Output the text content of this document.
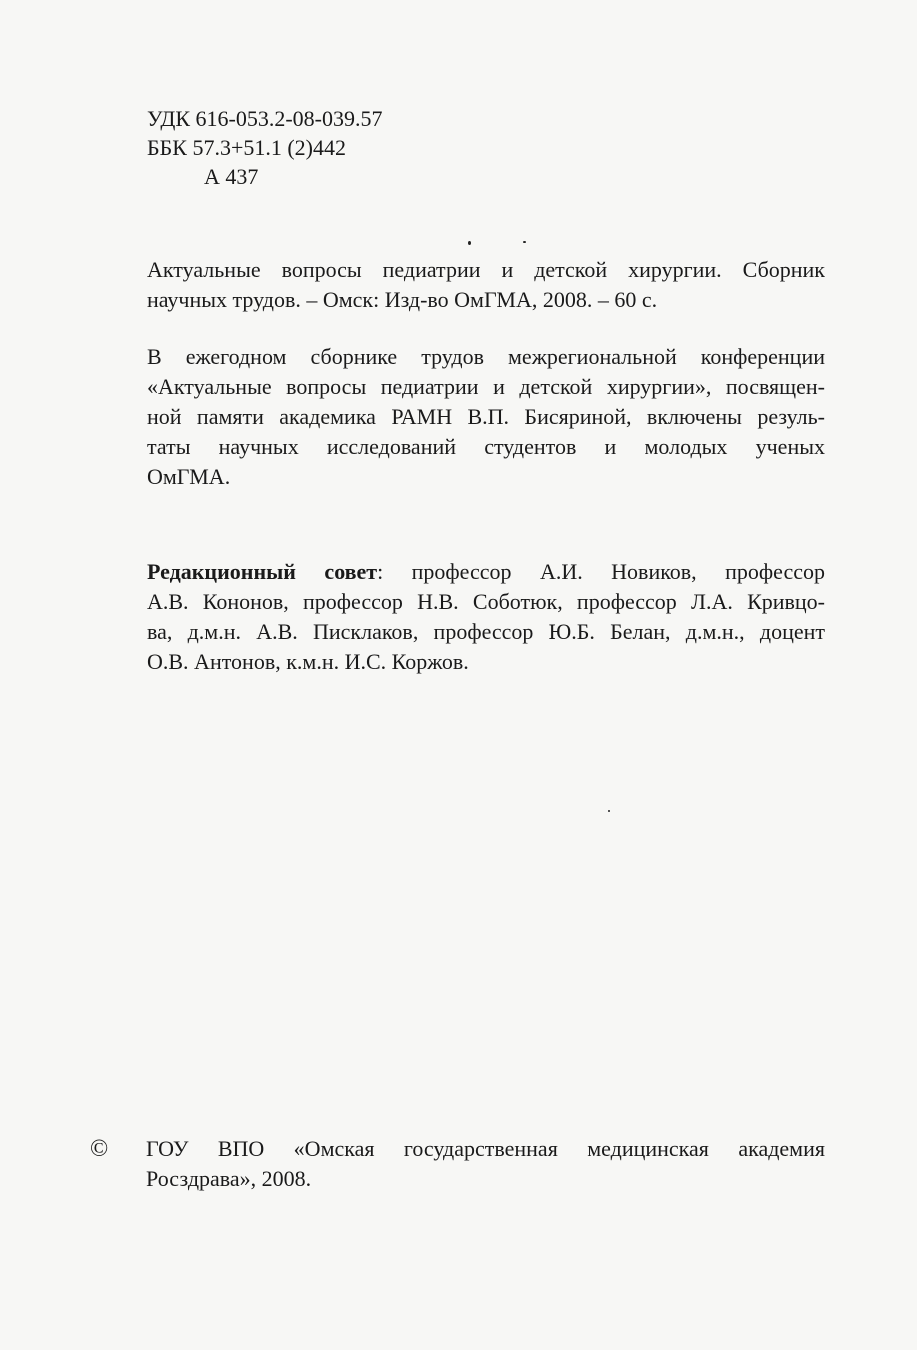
УДК 616-053.2-08-039.57
ББК 57.3+51.1 (2)442
А 437

Актуальные вопросы педиатрии и детской хирургии. Сборник

научных трудов. – Омск: Изд-во ОмГМА, 2008. – 60 с.

В ежегодном сборнике трудов межрегиональной конференции

«Актуальные вопросы педиатрии и детской хирургии», посвящен-

ной памяти академика РАМН В.П. Бисяриной, включены резуль-

таты научных исследований студентов и молодых ученых

ОмГМА.

Редакционный совет: профессор А.И. Новиков, профессор

А.В. Кононов, профессор Н.В. Соботюк, профессор Л.А. Кривцо-

ва, д.м.н. А.В. Писклаков, профессор Ю.Б. Белан, д.м.н., доцент

О.В. Антонов, к.м.н. И.С. Коржов.

©	ГОУ ВПО «Омская государственная медицинская академия

Росздрава», 2008.
